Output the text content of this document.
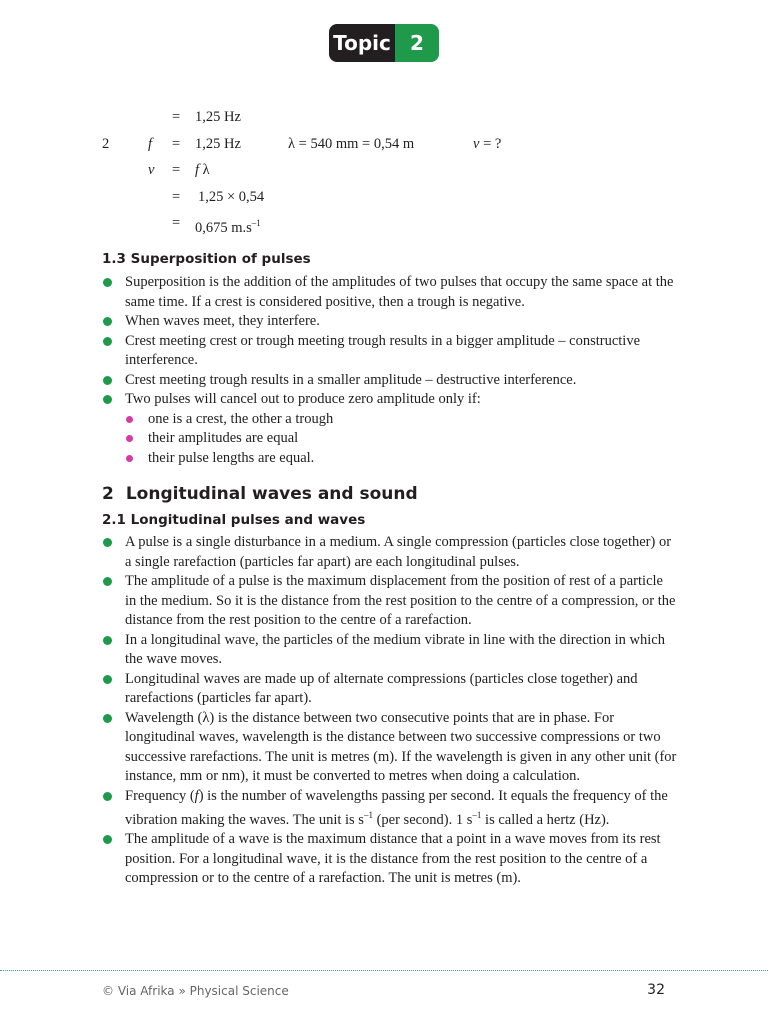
Topic 2
= 1,25 Hz
2	f = 1,25 Hz	λ = 540 mm = 0,54 m	v = ?
v = f λ
= 1,25 × 0,54
= 0,675 $m.s^{-1}$
1.3 Superposition of pulses
Superposition is the addition of the amplitudes of two pulses that occupy the same space at the same time. If a crest is considered positive, then a trough is negative.
When waves meet, they interfere.
Crest meeting crest or trough meeting trough results in a bigger amplitude – constructive interference.
Crest meeting trough results in a smaller amplitude – destructive interference.
Two pulses will cancel out to produce zero amplitude only if:
one is a crest, the other a trough
their amplitudes are equal
their pulse lengths are equal.
2 Longitudinal waves and sound
2.1 Longitudinal pulses and waves
A pulse is a single disturbance in a medium. A single compression (particles close together) or a single rarefaction (particles far apart) are each longitudinal pulses.
The amplitude of a pulse is the maximum displacement from the position of rest of a particle in the medium. So it is the distance from the rest position to the centre of a compression, or the distance from the rest position to the centre of a rarefaction.
In a longitudinal wave, the particles of the medium vibrate in line with the direction in which the wave moves.
Longitudinal waves are made up of alternate compressions (particles close together) and rarefactions (particles far apart).
Wavelength (λ) is the distance between two consecutive points that are in phase. For longitudinal waves, wavelength is the distance between two successive compressions or two successive rarefactions. The unit is metres (m). If the wavelength is given in any other unit (for instance, mm or nm), it must be converted to metres when doing a calculation.
Frequency (f) is the number of wavelengths passing per second. It equals the frequency of the vibration making the waves. The unit is $s^{-1}$ (per second). 1 $s^{-1}$ is called a hertz (Hz).
The amplitude of a wave is the maximum distance that a point in a wave moves from its rest position. For a longitudinal wave, it is the distance from the rest position to the centre of a compression or to the centre of a rarefaction. The unit is metres (m).
© Via Afrika » Physical Science	32
